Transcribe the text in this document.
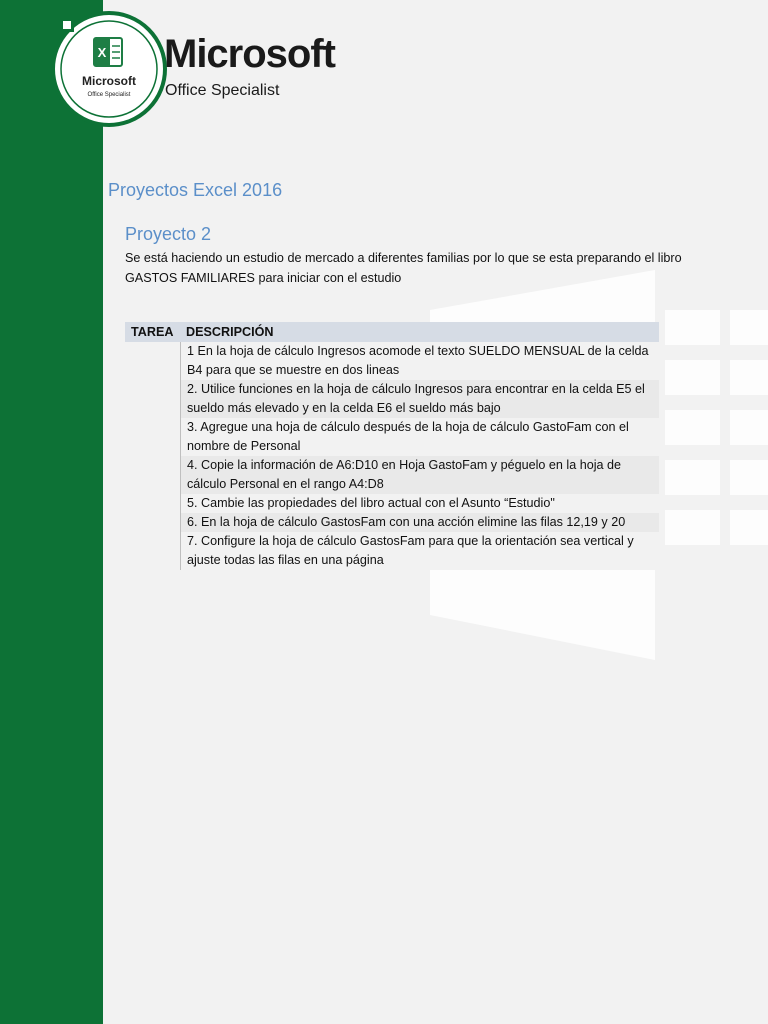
X
Microsoft
Office Specialist
Microsoft
Office Specialist
Proyectos Excel 2016
Proyecto 2
Se está haciendo un estudio de mercado a diferentes familias por lo que se esta preparando el libro GASTOS FAMILIARES para iniciar con el estudio
TAREA DESCRIPCIÓN
1 En la hoja de cálculo Ingresos acomode el texto SUELDO MENSUAL de la celda B4 para que se muestre en dos lineas
2. Utilice funciones en la hoja de cálculo Ingresos para encontrar en la celda E5 el sueldo más elevado y en la celda E6 el sueldo más bajo
3. Agregue una hoja de cálculo después de la hoja de cálculo GastoFam con el nombre de Personal
4. Copie la información de A6:D10 en Hoja GastoFam y péguelo en la hoja de cálculo Personal en el rango A4:D8
5. Cambie las propiedades del libro actual con el Asunto “Estudio"
6. En la hoja de cálculo GastosFam con una acción elimine las filas 12,19 y 20
7. Configure la hoja de cálculo GastosFam para que la orientación sea vertical y ajuste todas las filas en una página
